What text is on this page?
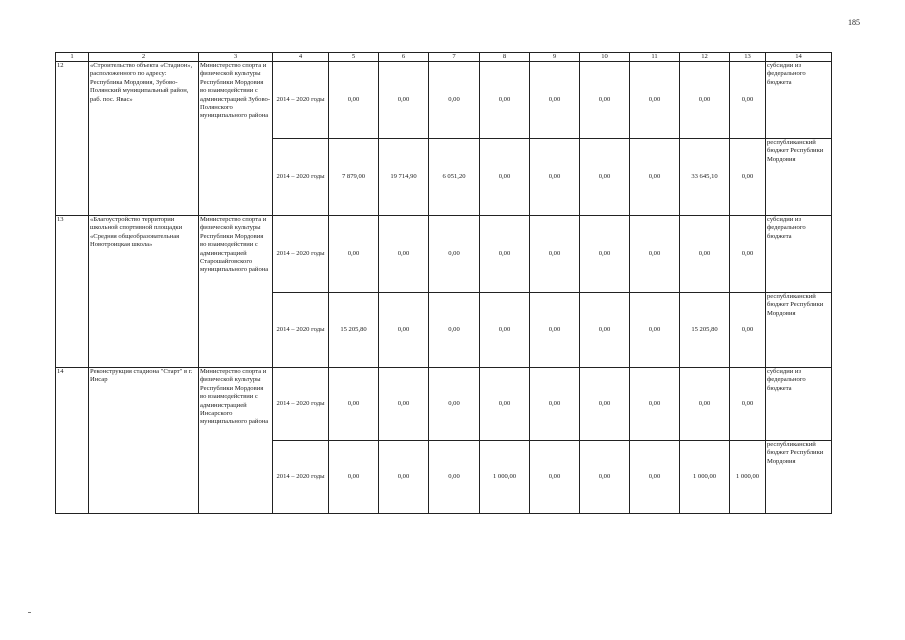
185
1	2	3	4	5	6	7	8	9	10	11	12	13	14
12	«Строительство объекта «Стадион», расположенного по адресу: Республика Мордовия, Зубово-Полянский муниципальный район, раб. пос. Явас»	Министерство спорта и физической культуры Республики Мордовия во взаимодействии с администрацией Зубово-Полянского муниципального района	2014 – 2020 годы	0,00	0,00	0,00	0,00	0,00	0,00	0,00	0,00	0,00	субсидии из федерального бюджета
			2014 – 2020 годы	7 879,00	19 714,90	6 051,20	0,00	0,00	0,00	0,00	33 645,10	0,00	республиканский бюджет Республики Мордовия
13	«Благоустройство территории школьной спортивной площадки «Средняя общеобразовательная Новотроицкая школа»	Министерство спорта и физической культуры Республики Мордовия во взаимодействии с администрацией Старошайговского муниципального района	2014 – 2020 годы	0,00	0,00	0,00	0,00	0,00	0,00	0,00	0,00	0,00	субсидии из федерального бюджета
			2014 – 2020 годы	15 205,80	0,00	0,00	0,00	0,00	0,00	0,00	15 205,80	0,00	республиканский бюджет Республики Мордовия
14	Реконструкция стадиона "Старт" в г. Инсар	Министерство спорта и физической культуры Республики Мордовия во взаимодействии с администрацией Инсарского муниципального района	2014 – 2020 годы	0,00	0,00	0,00	0,00	0,00	0,00	0,00	0,00	0,00	субсидии из федерального бюджета
			2014 – 2020 годы	0,00	0,00	0,00	1 000,00	0,00	0,00	0,00	1 000,00	1 000,00	республиканский бюджет Республики Мордовия
